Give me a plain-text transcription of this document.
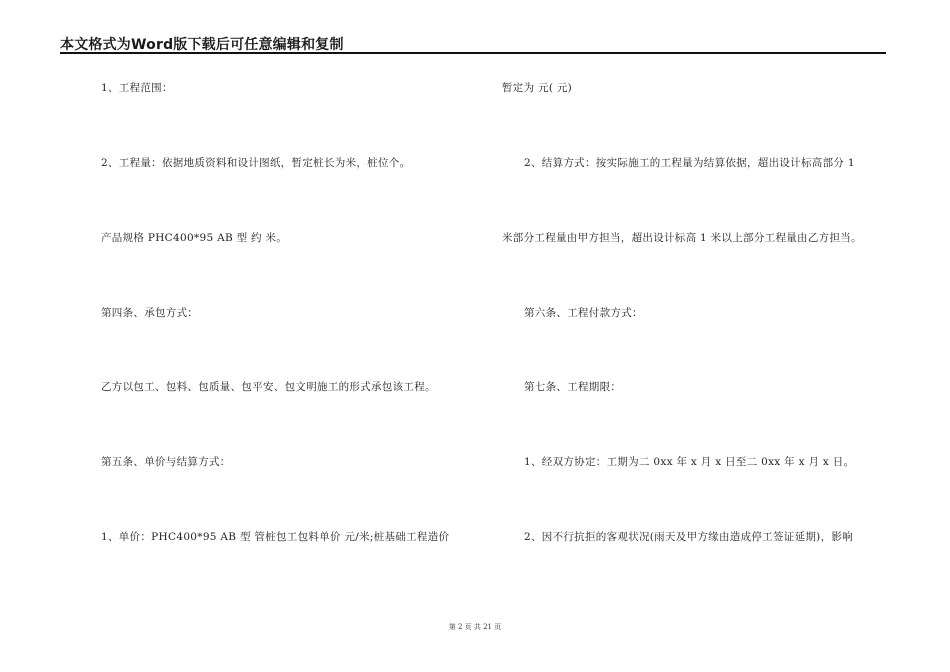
本文格式为Word版下载后可任意编辑和复制
1、工程范围：
2、工程量：依据地质资料和设计图纸，暂定桩长为米，桩位个。
产品规格 PHC400*95 AB 型 约 米。
第四条、承包方式：
乙方以包工、包料、包质量、包平安、包文明施工的形式承包该工程。
第五条、单价与结算方式：
1、单价：PHC400*95 AB 型 管桩包工包料单价 元/米;桩基础工程造价
暂定为 元( 元)
2、结算方式：按实际施工的工程量为结算依据，超出设计标高部分 1
米部分工程量由甲方担当，超出设计标高 1 米以上部分工程量由乙方担当。
第六条、工程付款方式：
第七条、工程期限：
1、经双方协定：工期为二 0xx 年 x 月 x 日至二 0xx 年 x 月 x 日。
2、因不行抗拒的客观状况(雨天及甲方缘由造成停工签证延期)，影响
第 2 页 共 21 页
